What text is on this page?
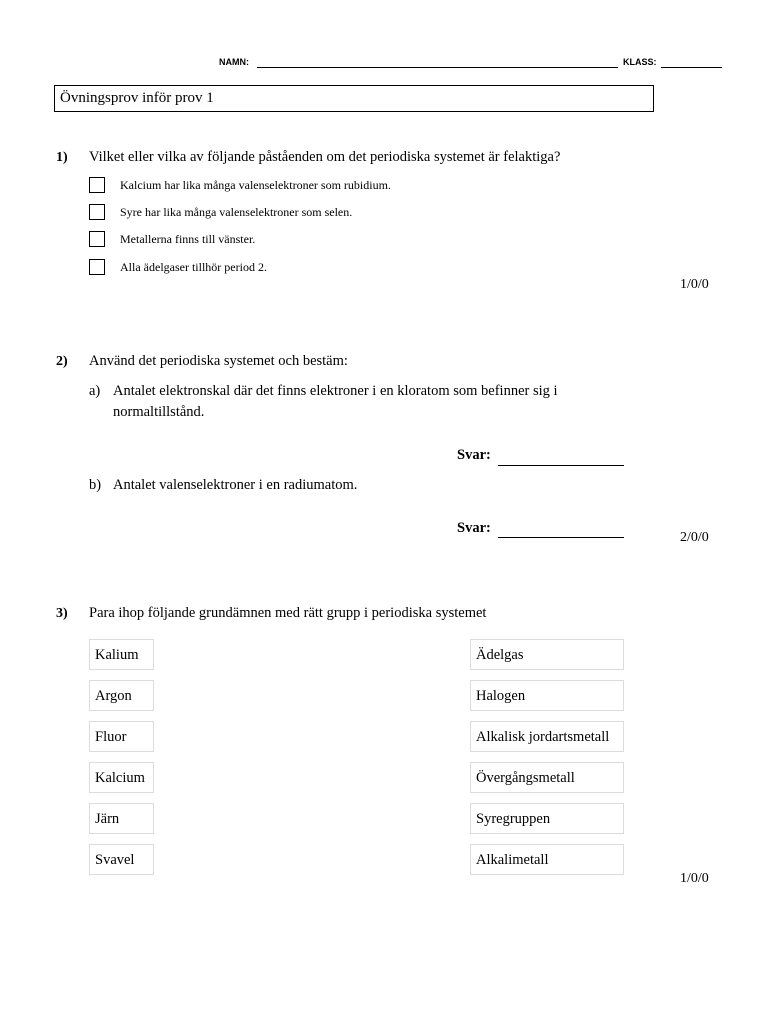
NAMN:	KLASS:
Övningsprov inför prov 1
1) Vilket eller vilka av följande påståenden om det periodiska systemet är felaktiga?
Kalcium har lika många valenselektroner som rubidium.
Syre har lika många valenselektroner som selen.
Metallerna finns till vänster.
Alla ädelgaser tillhör period 2.
1/0/0
2) Använd det periodiska systemet och bestäm:
a) Antalet elektronskal där det finns elektroner i en kloratom som befinner sig i
normaltillstånd.
Svar:
b) Antalet valenselektroner i en radiumatom.
Svar:
2/0/0
3) Para ihop följande grundämnen med rätt grupp i periodiska systemet
Kalium
Argon
Fluor
Kalcium
Järn
Svavel
Ädelgas
Halogen
Alkalisk jordartsmetall
Övergångsmetall
Syregruppen
Alkalimetall
1/0/0
